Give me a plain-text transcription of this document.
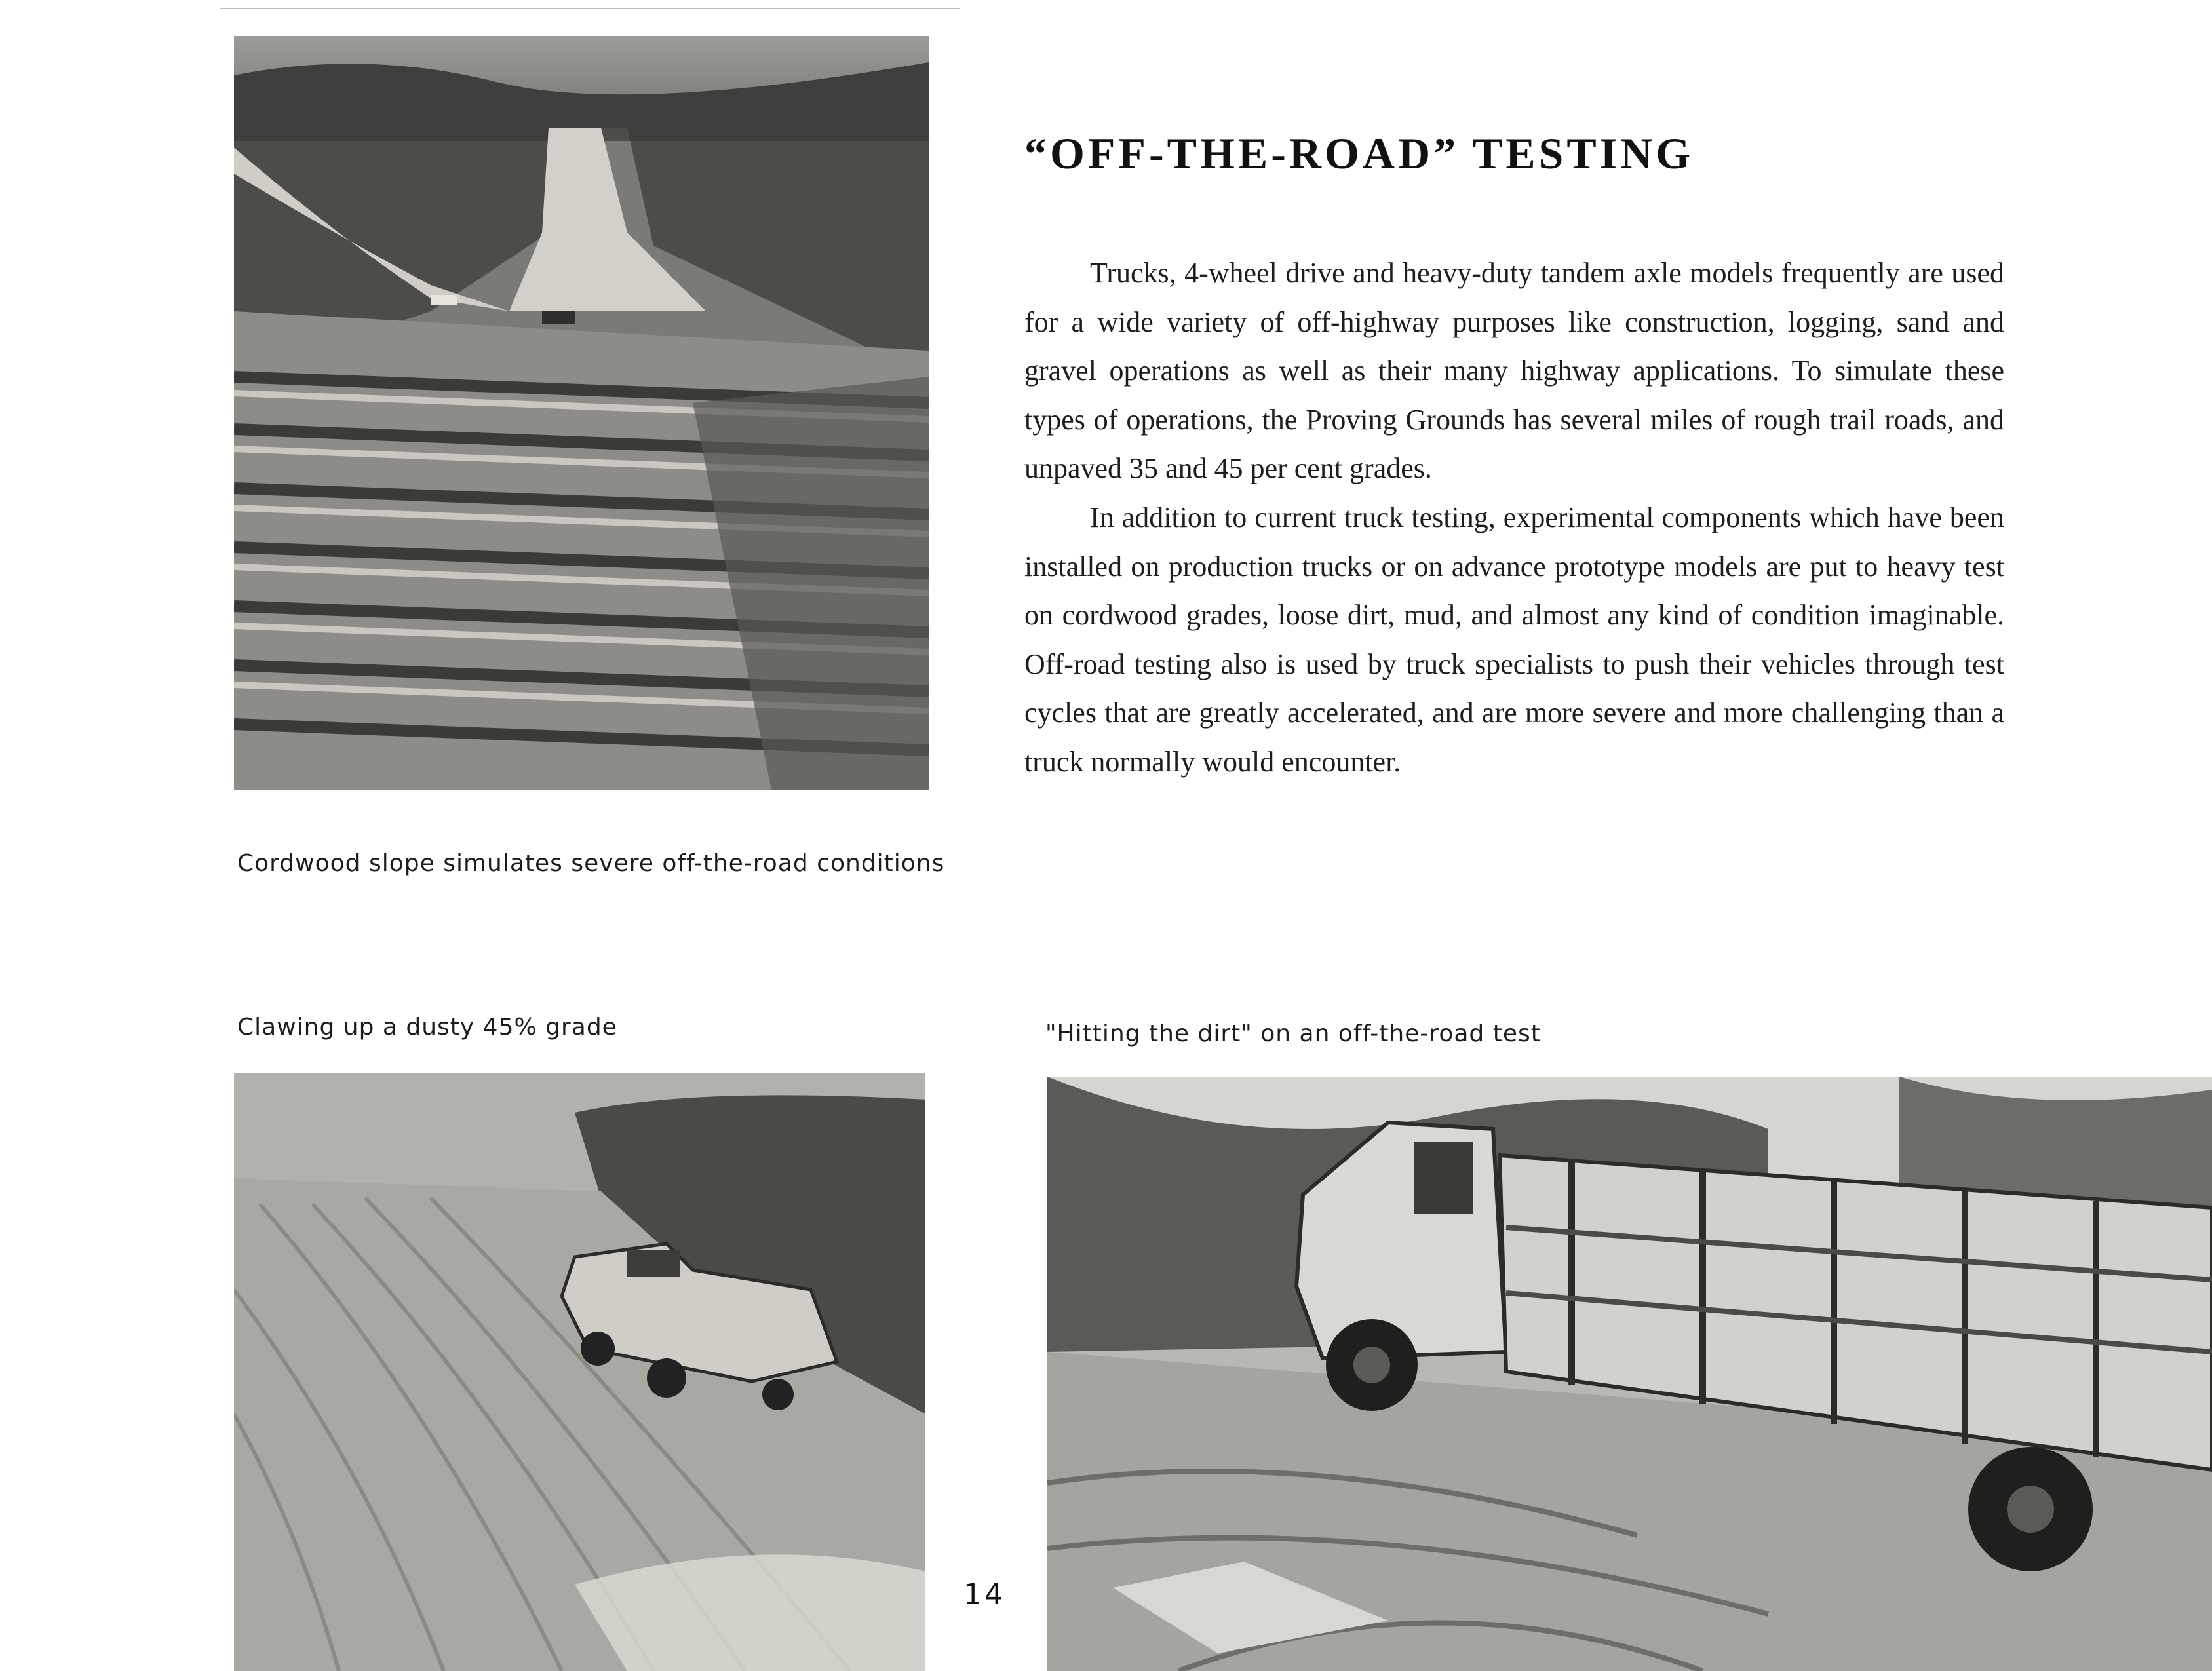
Cordwood slope simulates severe off-the-road conditions
“OFF-THE-ROAD” TESTING

Trucks, 4-wheel drive and heavy-duty tandem axle models frequently are used for a wide variety of off-highway purposes like construction, logging, sand and gravel operations as well as their many highway applications. To simulate these types of operations, the Proving Grounds has several miles of rough trail roads, and unpaved 35 and 45 per cent grades.

In addition to current truck testing, experimental components which have been installed on production trucks or on advance prototype models are put to heavy test on cordwood grades, loose dirt, mud, and almost any kind of condition imaginable. Off-road testing also is used by truck specialists to push their vehicles through test cycles that are greatly accelerated, and are more severe and more challenging than a truck normally would encounter.

Clawing up a dusty 45% grade	"Hitting the dirt" on an off-the-road test
14
